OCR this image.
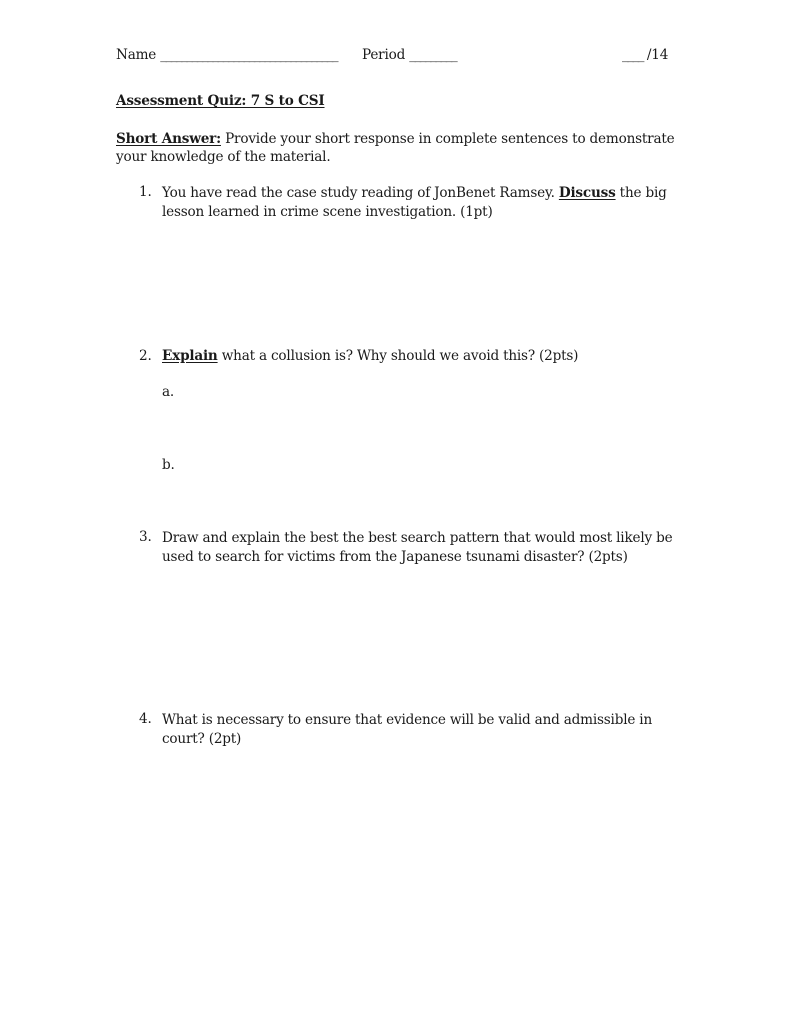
Name __________________________________ Period _________	____ /14
Assessment Quiz: 7 S to CSI
Short Answer: Provide your short response in complete sentences to demonstrate
your knowledge of the material.
1. You have read the case study reading of JonBenet Ramsey. Discuss the big
lesson learned in crime scene investigation. (1pt)
2. Explain what a collusion is? Why should we avoid this? (2pts)
a.
b.
3. Draw and explain the best the best search pattern that would most likely be
used to search for victims from the Japanese tsunami disaster? (2pts)
4. What is necessary to ensure that evidence will be valid and admissible in
court? (2pt)
